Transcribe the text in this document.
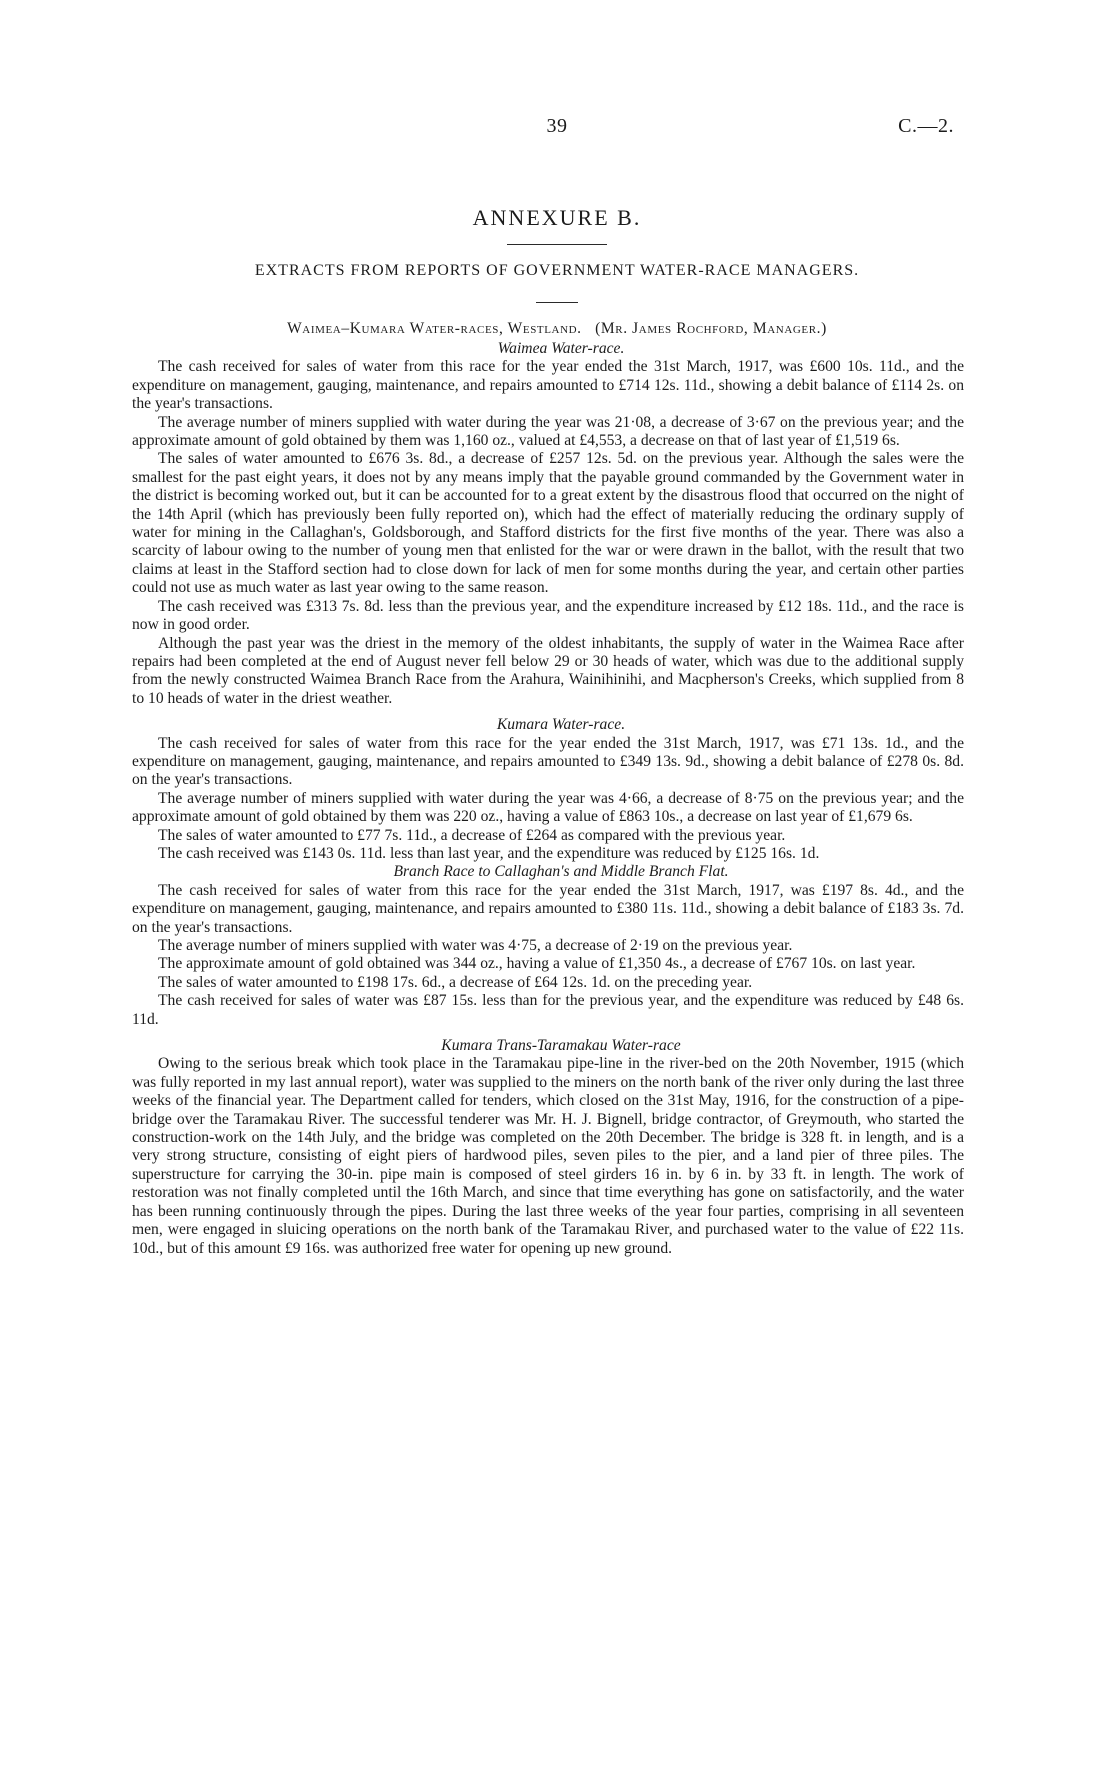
39	C.—2.
ANNEXURE B.
EXTRACTS FROM REPORTS OF GOVERNMENT WATER-RACE MANAGERS.
Waimea–Kumara Water-races, Westland. (Mr. James Rochford, Manager.)

Waimea Water-race.

The cash received for sales of water from this race for the year ended the 31st March, 1917, was £600 10s. 11d., and the expenditure on management, gauging, maintenance, and repairs amounted to £714 12s. 11d., showing a debit balance of £114 2s. on the year's transactions.

The average number of miners supplied with water during the year was 21·08, a decrease of 3·67 on the previous year; and the approximate amount of gold obtained by them was 1,160 oz., valued at £4,553, a decrease on that of last year of £1,519 6s.

The sales of water amounted to £676 3s. 8d., a decrease of £257 12s. 5d. on the previous year. Although the sales were the smallest for the past eight years, it does not by any means imply that the payable ground commanded by the Government water in the district is becoming worked out, but it can be accounted for to a great extent by the disastrous flood that occurred on the night of the 14th April (which has previously been fully reported on), which had the effect of materially reducing the ordinary supply of water for mining in the Callaghan's, Goldsborough, and Stafford districts for the first five months of the year. There was also a scarcity of labour owing to the number of young men that enlisted for the war or were drawn in the ballot, with the result that two claims at least in the Stafford section had to close down for lack of men for some months during the year, and certain other parties could not use as much water as last year owing to the same reason.

The cash received was £313 7s. 8d. less than the previous year, and the expenditure increased by £12 18s. 11d., and the race is now in good order.

Although the past year was the driest in the memory of the oldest inhabitants, the supply of water in the Waimea Race after repairs had been completed at the end of August never fell below 29 or 30 heads of water, which was due to the additional supply from the newly constructed Waimea Branch Race from the Arahura, Wainihinihi, and Macpherson's Creeks, which supplied from 8 to 10 heads of water in the driest weather.

Kumara Water-race.

The cash received for sales of water from this race for the year ended the 31st March, 1917, was £71 13s. 1d., and the expenditure on management, gauging, maintenance, and repairs amounted to £349 13s. 9d., showing a debit balance of £278 0s. 8d. on the year's transactions.

The average number of miners supplied with water during the year was 4·66, a decrease of 8·75 on the previous year; and the approximate amount of gold obtained by them was 220 oz., having a value of £863 10s., a decrease on last year of £1,679 6s.

The sales of water amounted to £77 7s. 11d., a decrease of £264 as compared with the previous year.

The cash received was £143 0s. 11d. less than last year, and the expenditure was reduced by £125 16s. 1d.

Branch Race to Callaghan's and Middle Branch Flat.

The cash received for sales of water from this race for the year ended the 31st March, 1917, was £197 8s. 4d., and the expenditure on management, gauging, maintenance, and repairs amounted to £380 11s. 11d., showing a debit balance of £183 3s. 7d. on the year's transactions.

The average number of miners supplied with water was 4·75, a decrease of 2·19 on the previous year.

The approximate amount of gold obtained was 344 oz., having a value of £1,350 4s., a decrease of £767 10s. on last year.

The sales of water amounted to £198 17s. 6d., a decrease of £64 12s. 1d. on the preceding year.

The cash received for sales of water was £87 15s. less than for the previous year, and the expenditure was reduced by £48 6s. 11d.

Kumara Trans-Taramakau Water-race

Owing to the serious break which took place in the Taramakau pipe-line in the river-bed on the 20th November, 1915 (which was fully reported in my last annual report), water was supplied to the miners on the north bank of the river only during the last three weeks of the financial year. The Department called for tenders, which closed on the 31st May, 1916, for the construction of a pipe-bridge over the Taramakau River. The successful tenderer was Mr. H. J. Bignell, bridge contractor, of Greymouth, who started the construction-work on the 14th July, and the bridge was completed on the 20th December. The bridge is 328 ft. in length, and is a very strong structure, consisting of eight piers of hardwood piles, seven piles to the pier, and a land pier of three piles. The superstructure for carrying the 30-in. pipe main is composed of steel girders 16 in. by 6 in. by 33 ft. in length. The work of restoration was not finally completed until the 16th March, and since that time everything has gone on satisfactorily, and the water has been running continuously through the pipes. During the last three weeks of the year four parties, comprising in all seventeen men, were engaged in sluicing operations on the north bank of the Taramakau River, and purchased water to the value of £22 11s. 10d., but of this amount £9 16s. was authorized free water for opening up new ground.
